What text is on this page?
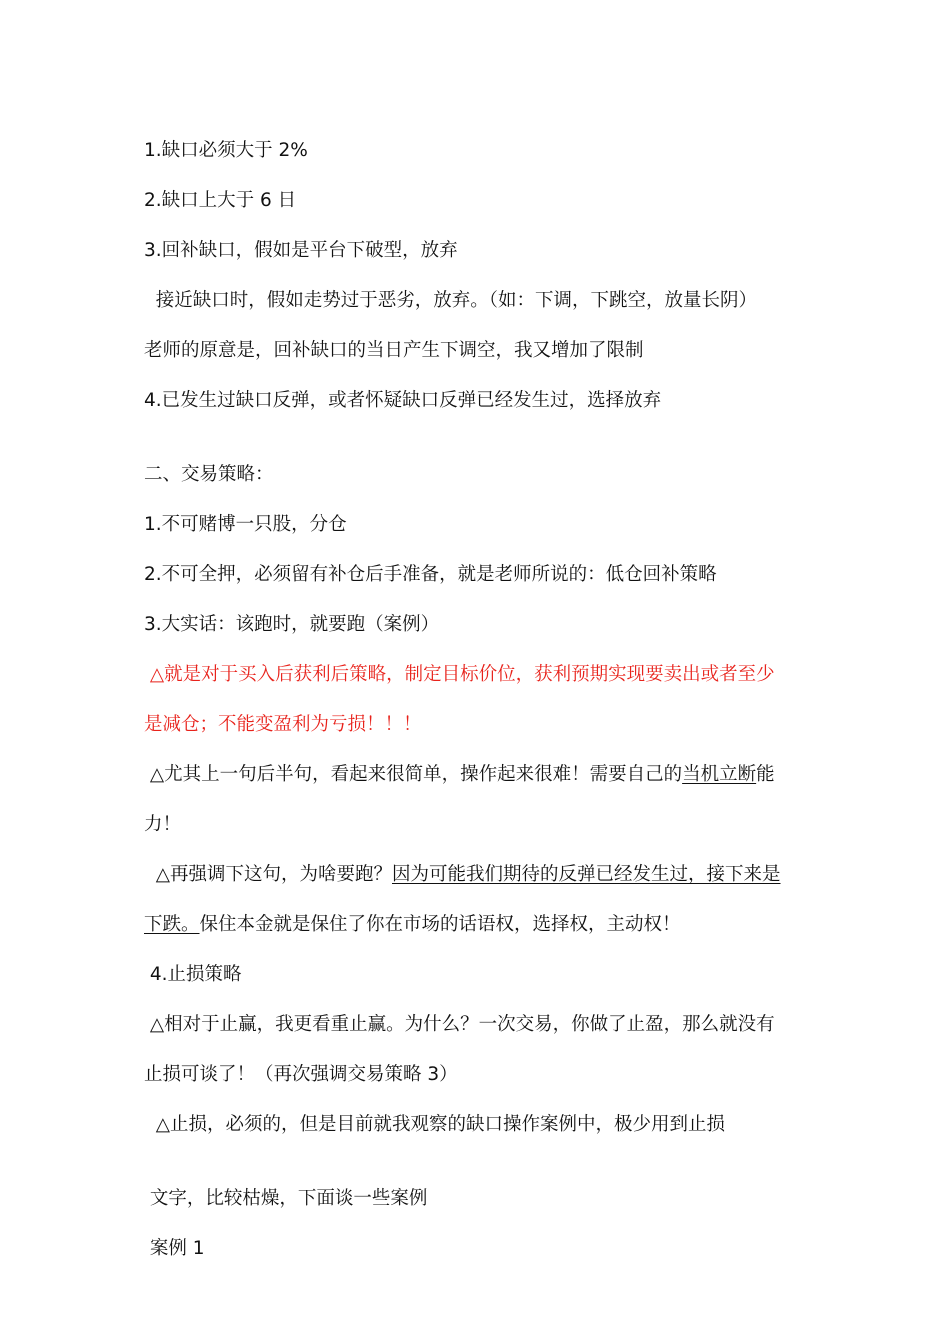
1.缺口必须大于 2%
2.缺口上大于 6 日
3.回补缺口，假如是平台下破型，放弃
接近缺口时，假如走势过于恶劣，放弃。（如：下调，下跳空，放量长阴）
老师的原意是，回补缺口的当日产生下调空，我又增加了限制
4.已发生过缺口反弹，或者怀疑缺口反弹已经发生过，选择放弃
二、交易策略：
1.不可赌博一只股，分仓
2.不可全押，必须留有补仓后手准备，就是老师所说的：低仓回补策略
3.大实话：该跑时，就要跑（案例）
△就是对于买入后获利后策略，制定目标价位，获利预期实现要卖出或者至少
是减仓；不能变盈利为亏损！！！
△尤其上一句后半句，看起来很简单，操作起来很难！需要自己的当机立断能
力！
△再强调下这句，为啥要跑？因为可能我们期待的反弹已经发生过，接下来是
下跌。保住本金就是保住了你在市场的话语权，选择权，主动权！
4.止损策略
△相对于止赢，我更看重止赢。为什么？一次交易，你做了止盈，那么就没有
止损可谈了！（再次强调交易策略 3）
△止损，必须的，但是目前就我观察的缺口操作案例中，极少用到止损
文字，比较枯燥，下面谈一些案例
案例 1
